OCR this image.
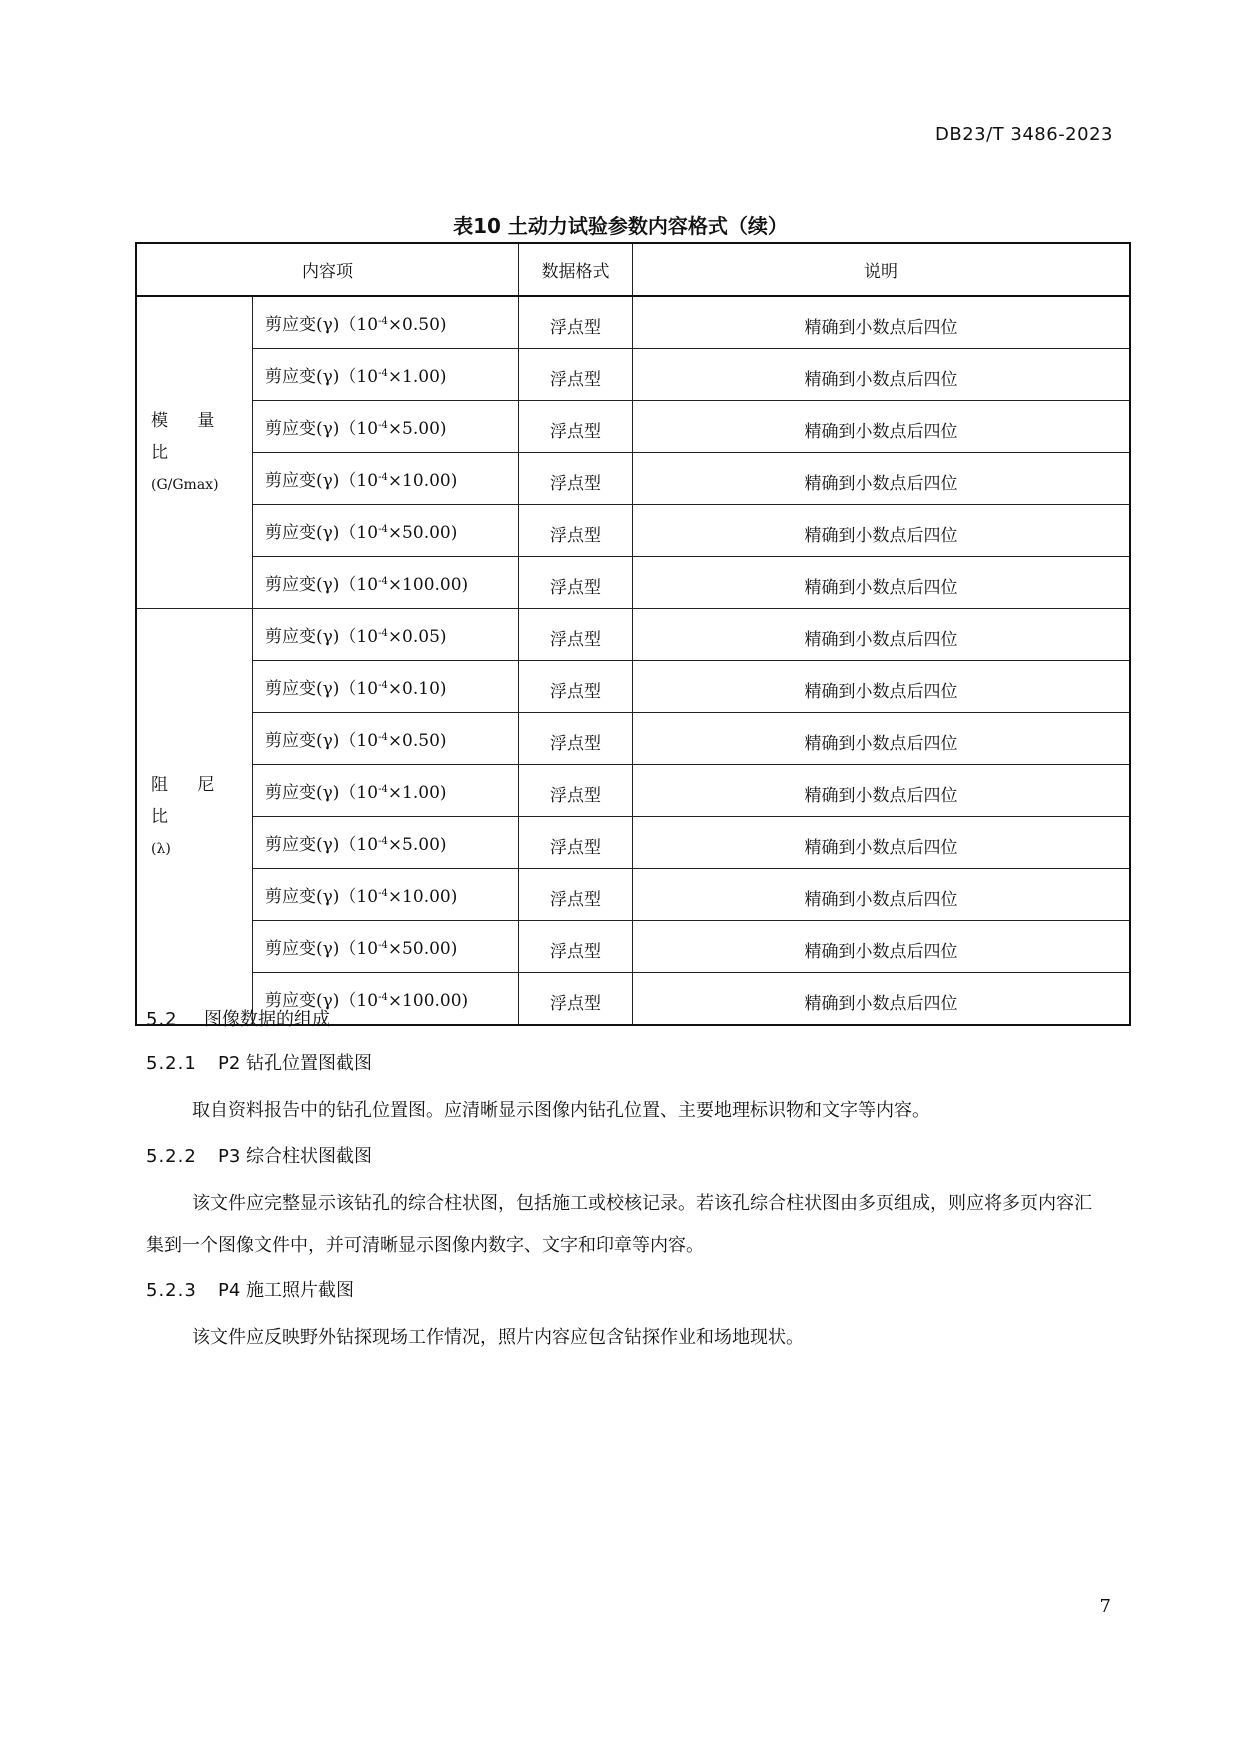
DB23/T 3486-2023
表10 土动力试验参数内容格式（续）
内容项		数据格式	说明

模 量 比
(G/Gmax)	剪应变$(\gamma)(10^{-4}\times 0.50)$	浮点型	精确到小数点后四位
	剪应变$(\gamma)(10^{-4}\times 1.00)$	浮点型	精确到小数点后四位
	剪应变$(\gamma)(10^{-4}\times 5.00)$	浮点型	精确到小数点后四位
	剪应变$(\gamma)(10^{-4}\times 10.00)$	浮点型	精确到小数点后四位
	剪应变$(\gamma)(10^{-4}\times 50.00)$	浮点型	精确到小数点后四位
	剪应变$(\gamma)(10^{-4}\times 100.00)$	浮点型	精确到小数点后四位

阻 尼 比
(λ)	剪应变$(\gamma)(10^{-4}\times 0.05)$	浮点型	精确到小数点后四位
	剪应变$(\gamma)(10^{-4}\times 0.10)$	浮点型	精确到小数点后四位
	剪应变$(\gamma)(10^{-4}\times 0.50)$	浮点型	精确到小数点后四位
	剪应变$(\gamma)(10^{-4}\times 1.00)$	浮点型	精确到小数点后四位
	剪应变$(\gamma)(10^{-4}\times 5.00)$	浮点型	精确到小数点后四位
	剪应变$(\gamma)(10^{-4}\times 10.00)$	浮点型	精确到小数点后四位
	剪应变$(\gamma)(10^{-4}\times 50.00)$	浮点型	精确到小数点后四位
	剪应变$(\gamma)(10^{-4}\times 100.00)$	浮点型	精确到小数点后四位
5.2 图像数据的组成
5.2.1 P2 钻孔位置图截图
取自资料报告中的钻孔位置图。应清晰显示图像内钻孔位置、主要地理标识物和文字等内容。
5.2.2 P3 综合柱状图截图
该文件应完整显示该钻孔的综合柱状图，包括施工或校核记录。若该孔综合柱状图由多页组成，则应将多页内容汇集到一个图像文件中，并可清晰显示图像内数字、文字和印章等内容。
5.2.3 P4 施工照片截图
该文件应反映野外钻探现场工作情况，照片内容应包含钻探作业和场地现状。
7
